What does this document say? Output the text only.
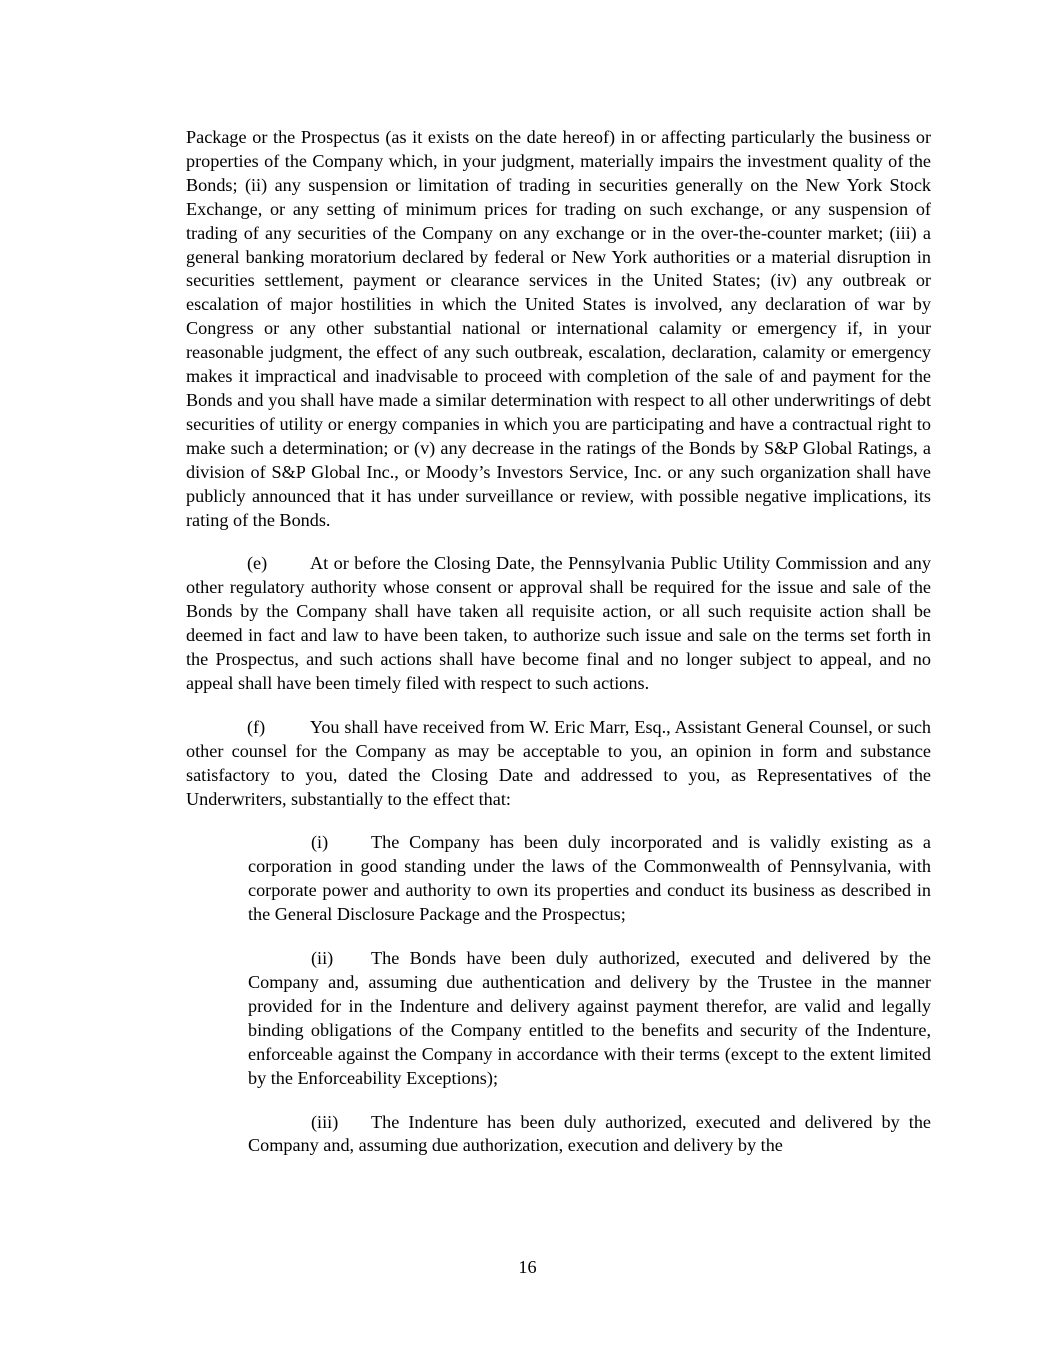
Package or the Prospectus (as it exists on the date hereof) in or affecting particularly the business or properties of the Company which, in your judgment, materially impairs the investment quality of the Bonds; (ii) any suspension or limitation of trading in securities generally on the New York Stock Exchange, or any setting of minimum prices for trading on such exchange, or any suspension of trading of any securities of the Company on any exchange or in the over-the-counter market; (iii) a general banking moratorium declared by federal or New York authorities or a material disruption in securities settlement, payment or clearance services in the United States; (iv) any outbreak or escalation of major hostilities in which the United States is involved, any declaration of war by Congress or any other substantial national or international calamity or emergency if, in your reasonable judgment, the effect of any such outbreak, escalation, declaration, calamity or emergency makes it impractical and inadvisable to proceed with completion of the sale of and payment for the Bonds and you shall have made a similar determination with respect to all other underwritings of debt securities of utility or energy companies in which you are participating and have a contractual right to make such a determination; or (v) any decrease in the ratings of the Bonds by S&P Global Ratings, a division of S&P Global Inc., or Moody’s Investors Service, Inc. or any such organization shall have publicly announced that it has under surveillance or review, with possible negative implications, its rating of the Bonds.

(e) At or before the Closing Date, the Pennsylvania Public Utility Commission and any other regulatory authority whose consent or approval shall be required for the issue and sale of the Bonds by the Company shall have taken all requisite action, or all such requisite action shall be deemed in fact and law to have been taken, to authorize such issue and sale on the terms set forth in the Prospectus, and such actions shall have become final and no longer subject to appeal, and no appeal shall have been timely filed with respect to such actions.

(f) You shall have received from W. Eric Marr, Esq., Assistant General Counsel, or such other counsel for the Company as may be acceptable to you, an opinion in form and substance satisfactory to you, dated the Closing Date and addressed to you, as Representatives of the Underwriters, substantially to the effect that:

(i) The Company has been duly incorporated and is validly existing as a corporation in good standing under the laws of the Commonwealth of Pennsylvania, with corporate power and authority to own its properties and conduct its business as described in the General Disclosure Package and the Prospectus;

(ii) The Bonds have been duly authorized, executed and delivered by the Company and, assuming due authentication and delivery by the Trustee in the manner provided for in the Indenture and delivery against payment therefor, are valid and legally binding obligations of the Company entitled to the benefits and security of the Indenture, enforceable against the Company in accordance with their terms (except to the extent limited by the Enforceability Exceptions);

(iii) The Indenture has been duly authorized, executed and delivered by the Company and, assuming due authorization, execution and delivery by the

16
